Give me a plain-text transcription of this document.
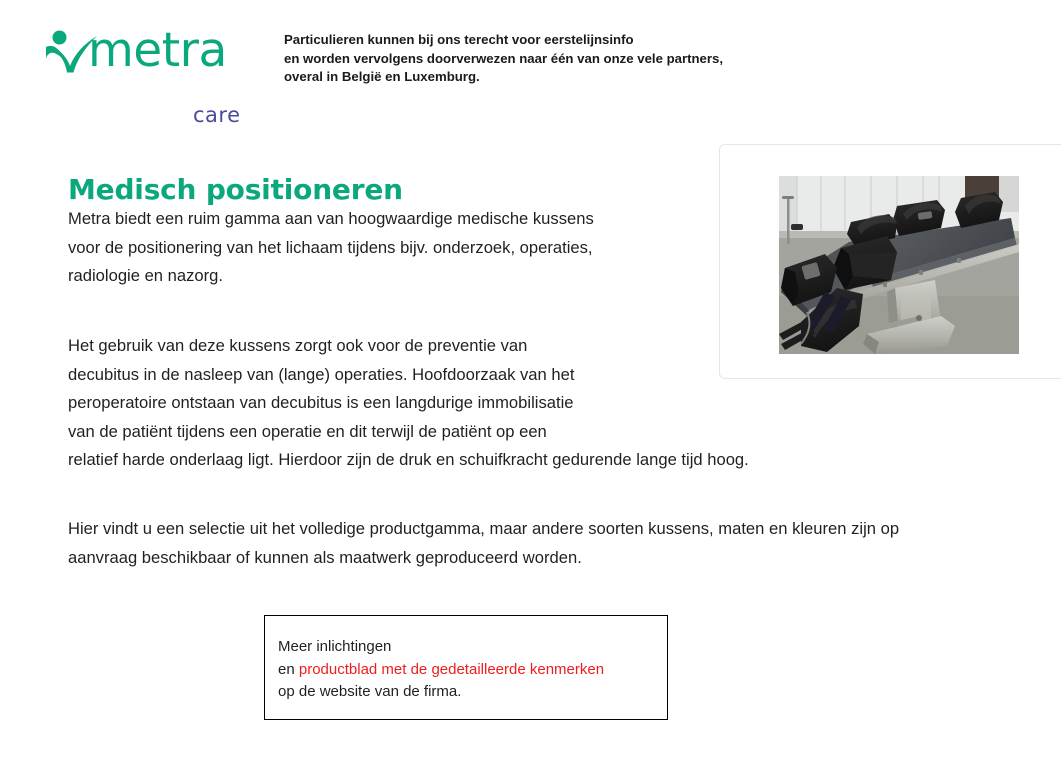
metra
care
Particulieren kunnen bij ons terecht voor eerstelijnsinfo
en worden vervolgens doorverwezen naar één van onze vele partners,
overal in België en Luxemburg.
Medisch positioneren
Metra biedt een ruim gamma aan van hoogwaardige medische kussens
voor de positionering van het lichaam tijdens bijv. onderzoek, operaties,
radiologie en nazorg.
Het gebruik van deze kussens zorgt ook voor de preventie van
decubitus in de nasleep van (lange) operaties. Hoofdoorzaak van het
peroperatoire ontstaan van decubitus is een langdurige immobilisatie
van de patiënt tijdens een operatie en dit terwijl de patiënt op een
relatief harde onderlaag ligt. Hierdoor zijn de druk en schuifkracht gedurende lange tijd hoog.
Hier vindt u een selectie uit het volledige productgamma, maar andere soorten kussens, maten en kleuren zijn op
aanvraag beschikbaar of kunnen als maatwerk geproduceerd worden.
Meer inlichtingen
en productblad met de gedetailleerde kenmerken
op de website van de firma.
